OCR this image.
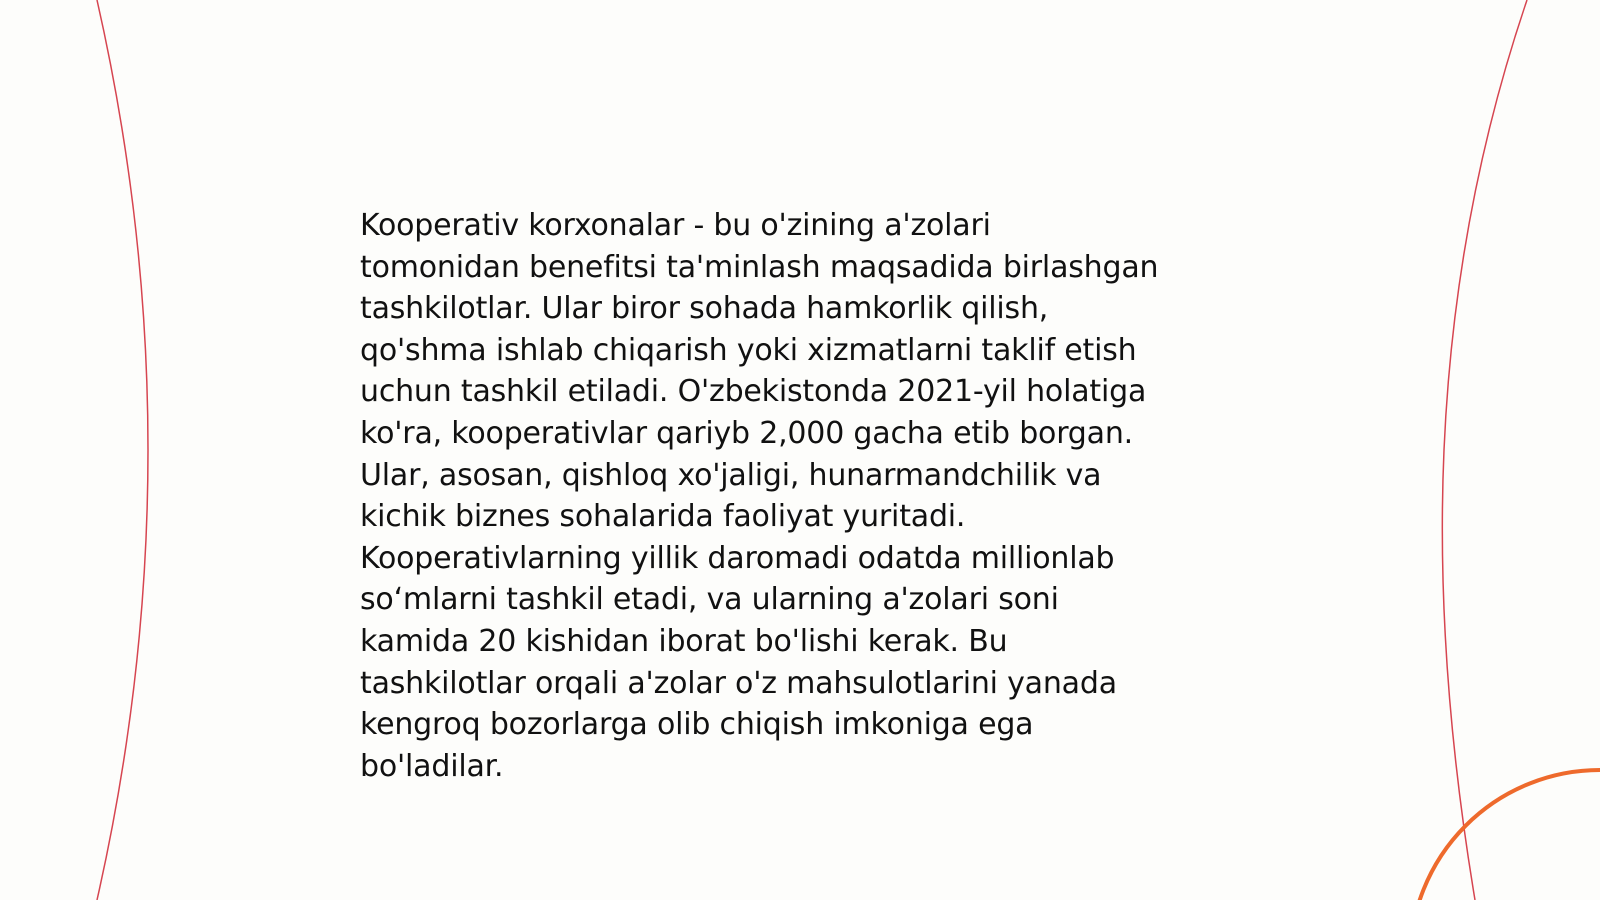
Kooperativ korxonalar - bu o'zining a'zolari
tomonidan benefitsi ta'minlash maqsadida birlashgan
tashkilotlar. Ular biror sohada hamkorlik qilish,
qo'shma ishlab chiqarish yoki xizmatlarni taklif etish
uchun tashkil etiladi. O'zbekistonda 2021-yil holatiga
ko'ra, kooperativlar qariyb 2,000 gacha etib borgan.
Ular, asosan, qishloq xo'jaligi, hunarmandchilik va
kichik biznes sohalarida faoliyat yuritadi.
Kooperativlarning yillik daromadi odatda millionlab
so‘mlarni tashkil etadi, va ularning a'zolari soni
kamida 20 kishidan iborat bo'lishi kerak. Bu
tashkilotlar orqali a'zolar o'z mahsulotlarini yanada
kengroq bozorlarga olib chiqish imkoniga ega
bo'ladilar.
